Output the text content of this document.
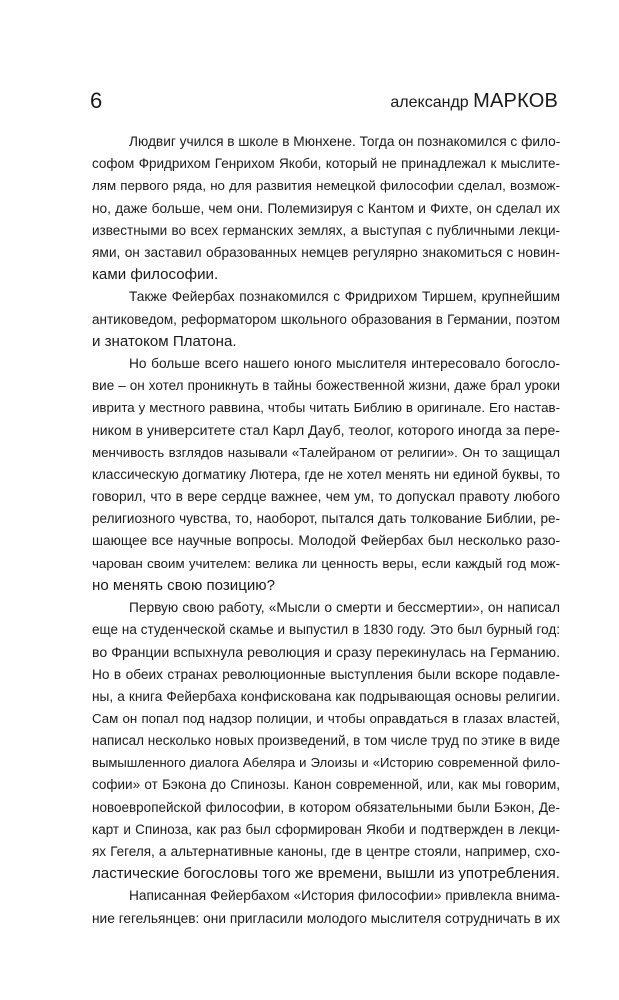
6	александр МАРКОВ
Людвиг учился в школе в Мюнхене. Тогда он познакомился с фило-
софом Фридрихом Генрихом Якоби, который не принадлежал к мыслите-
лям первого ряда, но для развития немецкой философии сделал, возмож-
но, даже больше, чем они. Полемизируя с Кантом и Фихте, он сделал их
известными во всех германских землях, а выступая с публичными лекци-
ями, он заставил образованных немцев регулярно знакомиться с новин-
ками философии.
Также Фейербах познакомился с Фридрихом Тиршем, крупнейшим
антиковедом, реформатором школьного образования в Германии, поэтом
и знатоком Платона.
Но больше всего нашего юного мыслителя интересовало богосло-
вие – он хотел проникнуть в тайны божественной жизни, даже брал уроки
иврита у местного раввина, чтобы читать Библию в оригинале. Его настав-
ником в университете стал Карл Дауб, теолог, которого иногда за пере-
менчивость взглядов называли «Талейраном от религии». Он то защищал
классическую догматику Лютера, где не хотел менять ни единой буквы, то
говорил, что в вере сердце важнее, чем ум, то допускал правоту любого
религиозного чувства, то, наоборот, пытался дать толкование Библии, ре-
шающее все научные вопросы. Молодой Фейербах был несколько разо-
чарован своим учителем: велика ли ценность веры, если каждый год мож-
но менять свою позицию?
Первую свою работу, «Мысли о смерти и бессмертии», он написал
еще на студенческой скамье и выпустил в 1830 году. Это был бурный год:
во Франции вспыхнула революция и сразу перекинулась на Германию.
Но в обеих странах революционные выступления были вскоре подавле-
ны, а книга Фейербаха конфискована как подрывающая основы религии.
Сам он попал под надзор полиции, и чтобы оправдаться в глазах властей,
написал несколько новых произведений, в том числе труд по этике в виде
вымышленного диалога Абеляра и Элоизы и «Историю современной фило-
софии» от Бэкона до Спинозы. Канон современной, или, как мы говорим,
новоевропейской философии, в котором обязательными были Бэкон, Де-
карт и Спиноза, как раз был сформирован Якоби и подтвержден в лекци-
ях Гегеля, а альтернативные каноны, где в центре стояли, например, схо-
ластические богословы того же времени, вышли из употребления.
Написанная Фейербахом «История философии» привлекла внима-
ние гегельянцев: они пригласили молодого мыслителя сотрудничать в их
